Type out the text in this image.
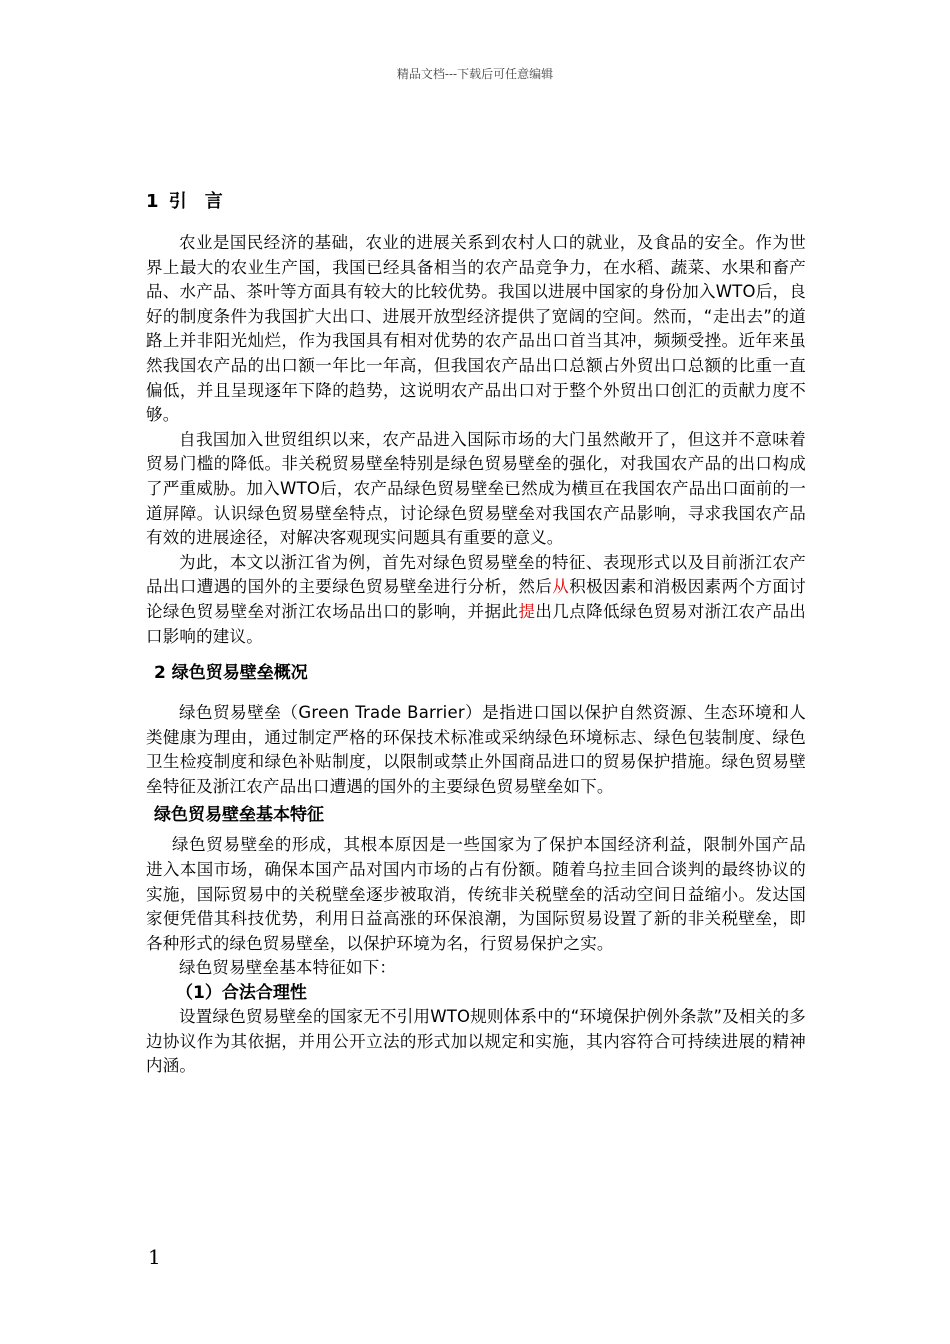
精品文档---下载后可任意编辑
1 引　言

农业是国民经济的基础，农业的进展关系到农村人口的就业，及食品的安全。作为世界上最大的农业生产国，我国已经具备相当的农产品竞争力，在水稻、蔬菜、水果和畜产品、水产品、茶叶等方面具有较大的比较优势。我国以进展中国家的身份加入WTO后，良好的制度条件为我国扩大出口、进展开放型经济提供了宽阔的空间。然而，“走出去”的道路上并非阳光灿烂，作为我国具有相对优势的农产品出口首当其冲，频频受挫。近年来虽然我国农产品的出口额一年比一年高，但我国农产品出口总额占外贸出口总额的比重一直偏低，并且呈现逐年下降的趋势，这说明农产品出口对于整个外贸出口创汇的贡献力度不够。

自我国加入世贸组织以来，农产品进入国际市场的大门虽然敞开了，但这并不意味着贸易门槛的降低。非关税贸易壁垒特别是绿色贸易壁垒的强化，对我国农产品的出口构成了严重威胁。加入WTO后，农产品绿色贸易壁垒已然成为横亘在我国农产品出口面前的一道屏障。认识绿色贸易壁垒特点，讨论绿色贸易壁垒对我国农产品影响，寻求我国农产品有效的进展途径，对解决客观现实问题具有重要的意义。

为此，本文以浙江省为例，首先对绿色贸易壁垒的特征、表现形式以及目前浙江农产品出口遭遇的国外的主要绿色贸易壁垒进行分析，然后从积极因素和消极因素两个方面讨论绿色贸易壁垒对浙江农场品出口的影响，并据此提出几点降低绿色贸易对浙江农产品出口影响的建议。

2 绿色贸易壁垒概况

绿色贸易壁垒（Green Trade Barrier）是指进口国以保护自然资源、生态环境和人类健康为理由，通过制定严格的环保技术标准或采纳绿色环境标志、绿色包装制度、绿色卫生检疫制度和绿色补贴制度，以限制或禁止外国商品进口的贸易保护措施。绿色贸易壁垒特征及浙江农产品出口遭遇的国外的主要绿色贸易壁垒如下。

绿色贸易壁垒基本特征

绿色贸易壁垒的形成，其根本原因是一些国家为了保护本国经济利益，限制外国产品进入本国市场，确保本国产品对国内市场的占有份额。随着乌拉圭回合谈判的最终协议的实施，国际贸易中的关税壁垒逐步被取消，传统非关税壁垒的活动空间日益缩小。发达国家便凭借其科技优势，利用日益高涨的环保浪潮，为国际贸易设置了新的非关税壁垒，即各种形式的绿色贸易壁垒，以保护环境为名，行贸易保护之实。

绿色贸易壁垒基本特征如下：

（1）合法合理性

设置绿色贸易壁垒的国家无不引用WTO规则体系中的“环境保护例外条款”及相关的多边协议作为其依据，并用公开立法的形式加以规定和实施，其内容符合可持续进展的精神内涵。

1
